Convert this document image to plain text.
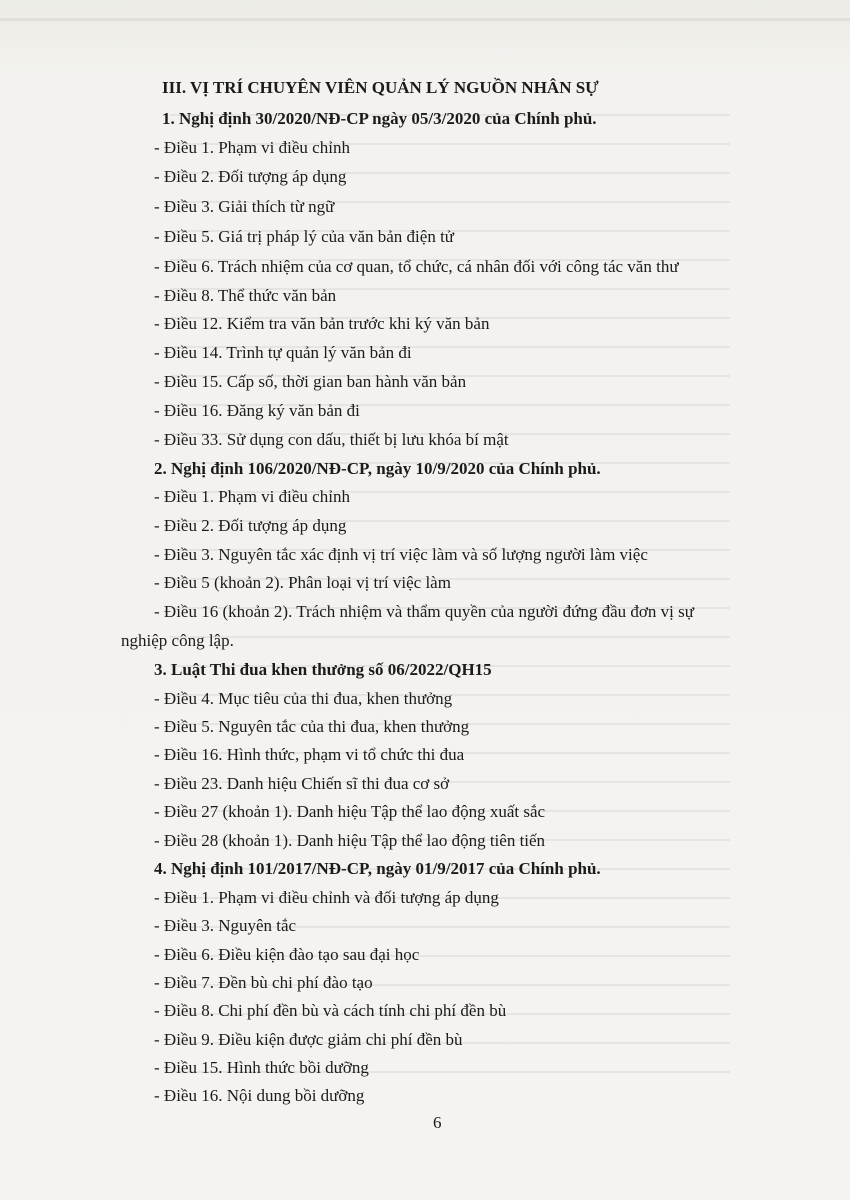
III. VỊ TRÍ CHUYÊN VIÊN QUẢN LÝ NGUỒN NHÂN SỰ
1. Nghị định 30/2020/NĐ-CP ngày 05/3/2020 của Chính phủ.
- Điều 1. Phạm vi điều chỉnh
- Điều 2. Đối tượng áp dụng
- Điều 3. Giải thích từ ngữ
- Điều 5. Giá trị pháp lý của văn bản điện tử
- Điều 6. Trách nhiệm của cơ quan, tổ chức, cá nhân đối với công tác văn thư
- Điều 8. Thể thức văn bản
- Điều 12. Kiểm tra văn bản trước khi ký văn bản
- Điều 14. Trình tự quản lý văn bản đi
- Điều 15. Cấp số, thời gian ban hành văn bản
- Điều 16. Đăng ký văn bản đi
- Điều 33. Sử dụng con dấu, thiết bị lưu khóa bí mật
2. Nghị định 106/2020/NĐ-CP, ngày 10/9/2020 của Chính phủ.
- Điều 1. Phạm vi điều chỉnh
- Điều 2. Đối tượng áp dụng
- Điều 3. Nguyên tắc xác định vị trí việc làm và số lượng người làm việc
- Điều 5 (khoản 2). Phân loại vị trí việc làm
- Điều 16 (khoản 2). Trách nhiệm và thẩm quyền của người đứng đầu đơn vị sự
nghiệp công lập.
3. Luật Thi đua khen thưởng số 06/2022/QH15
- Điều 4. Mục tiêu của thi đua, khen thưởng
- Điều 5. Nguyên tắc của thi đua, khen thưởng
- Điều 16. Hình thức, phạm vi tổ chức thi đua
- Điều 23. Danh hiệu Chiến sĩ thi đua cơ sở
- Điều 27 (khoản 1). Danh hiệu Tập thể lao động xuất sắc
- Điều 28 (khoản 1). Danh hiệu Tập thể lao động tiên tiến
4. Nghị định 101/2017/NĐ-CP, ngày 01/9/2017 của Chính phủ.
- Điều 1. Phạm vi điều chỉnh và đối tượng áp dụng
- Điều 3. Nguyên tắc
- Điều 6. Điều kiện đào tạo sau đại học
- Điều 7. Đền bù chi phí đào tạo
- Điều 8. Chi phí đền bù và cách tính chi phí đền bù
- Điều 9. Điều kiện được giảm chi phí đền bù
- Điều 15. Hình thức bồi dưỡng
- Điều 16. Nội dung bồi dưỡng
6
